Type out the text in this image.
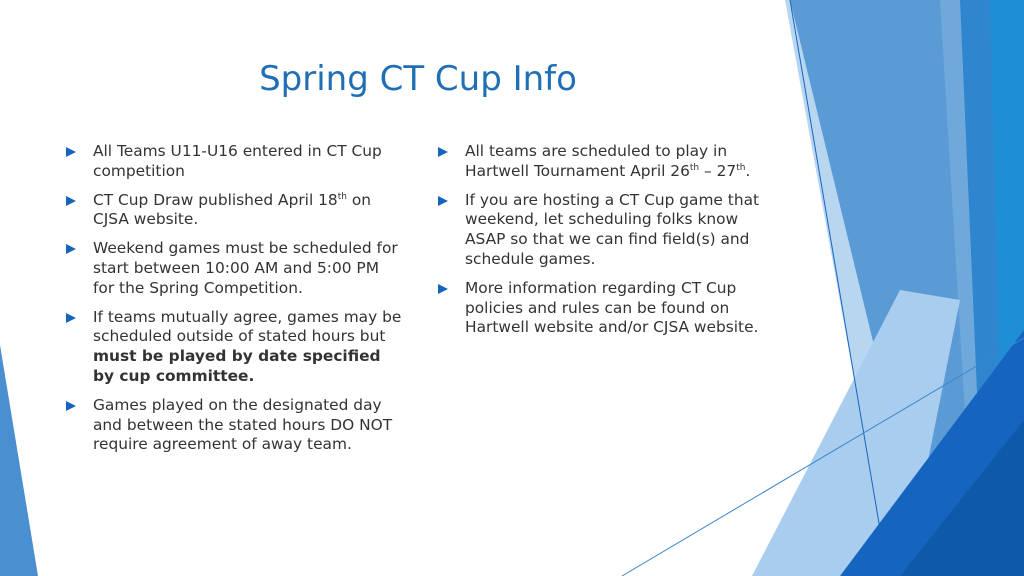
Spring CT Cup Info
All Teams U11-U16 entered in CT Cup competition
CT Cup Draw published April 18th on CJSA website.
Weekend games must be scheduled for start between 10:00 AM and 5:00 PM for the Spring Competition.
If teams mutually agree, games may be scheduled outside of stated hours but must be played by date specified by cup committee.
Games played on the designated day and between the stated hours DO NOT require agreement of away team.
All teams are scheduled to play in Hartwell Tournament April 26th – 27th.
If you are hosting a CT Cup game that weekend, let scheduling folks know ASAP so that we can find field(s) and schedule games.
More information regarding CT Cup policies and rules can be found on Hartwell website and/or CJSA website.
